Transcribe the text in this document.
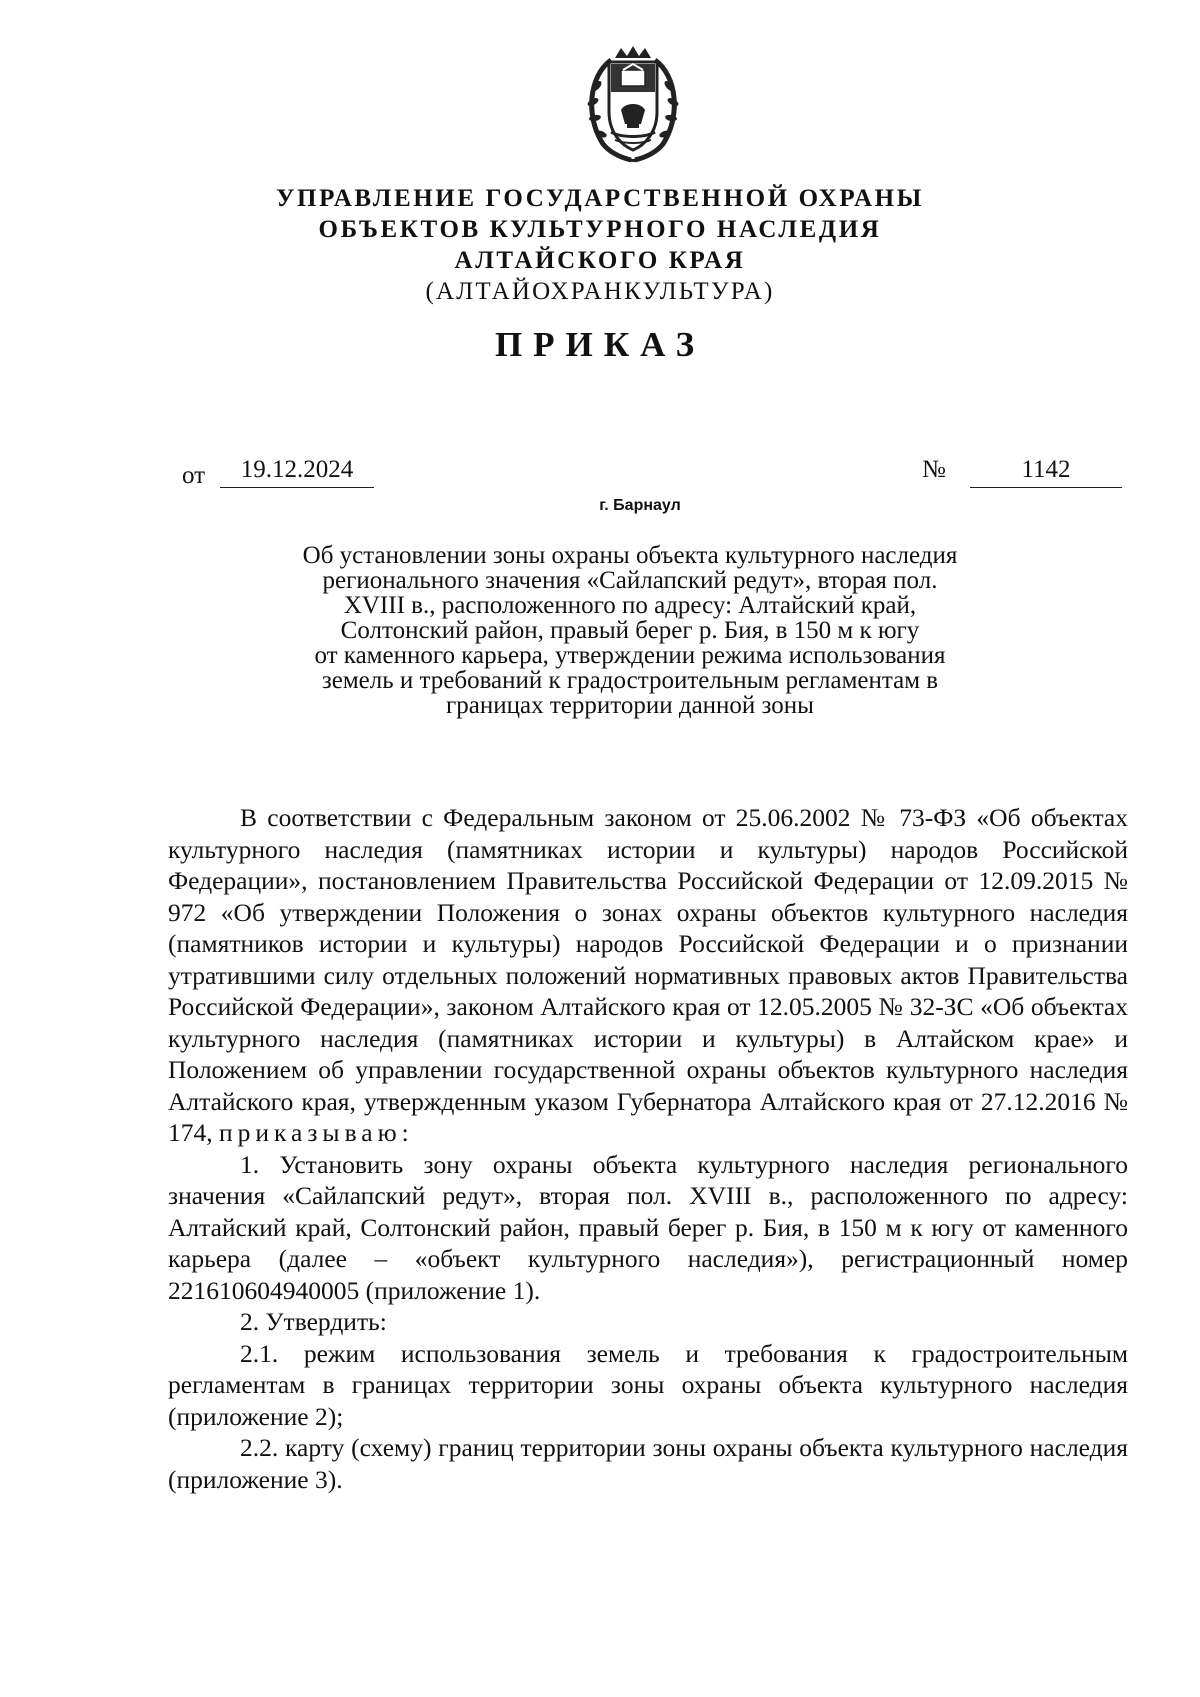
УПРАВЛЕНИЕ ГОСУДАРСТВЕННОЙ ОХРАНЫ
ОБЪЕКТОВ КУЛЬТУРНОГО НАСЛЕДИЯ
АЛТАЙСКОГО КРАЯ
(АЛТАЙОХРАНКУЛЬТУРА)
ПРИКАЗ
от	19.12.2024	№	1142
г. Барнаул
Об установлении зоны охраны объекта культурного наследия
регионального значения «Сайлапский редут», вторая пол.
XVIII в., расположенного по адресу: Алтайский край,
Солтонский район, правый берег р. Бия, в 150 м к югу
от каменного карьера, утверждении режима использования
земель и требований к градостроительным регламентам в
границах территории данной зоны

В соответствии с Федеральным законом от 25.06.2002 № 73-ФЗ «Об объектах культурного наследия (памятниках истории и культуры) народов Российской Федерации», постановлением Правительства Российской Федерации от 12.09.2015 № 972 «Об утверждении Положения о зонах охраны объектов культурного наследия (памятников истории и культуры) народов Российской Федерации и о признании утратившими силу отдельных положений нормативных правовых актов Правительства Российской Федерации», законом Алтайского края от 12.05.2005 № 32-ЗС «Об объектах культурного наследия (памятниках истории и культуры) в Алтайском крае» и Положением об управлении государственной охраны объектов культурного наследия Алтайского края, утвержденным указом Губернатора Алтайского края от 27.12.2016 № 174, приказываю:

1. Установить зону охраны объекта культурного наследия регионального значения «Сайлапский редут», вторая пол. XVIII в., расположенного по адресу: Алтайский край, Солтонский район, правый берег р. Бия, в 150 м к югу от каменного карьера (далее – «объект культурного наследия»), регистрационный номер 221610604940005 (приложение 1).

2. Утвердить:

2.1. режим использования земель и требования к градостроительным регламентам в границах территории зоны охраны объекта культурного наследия (приложение 2);

2.2. карту (схему) границ территории зоны охраны объекта культурного наследия (приложение 3).
